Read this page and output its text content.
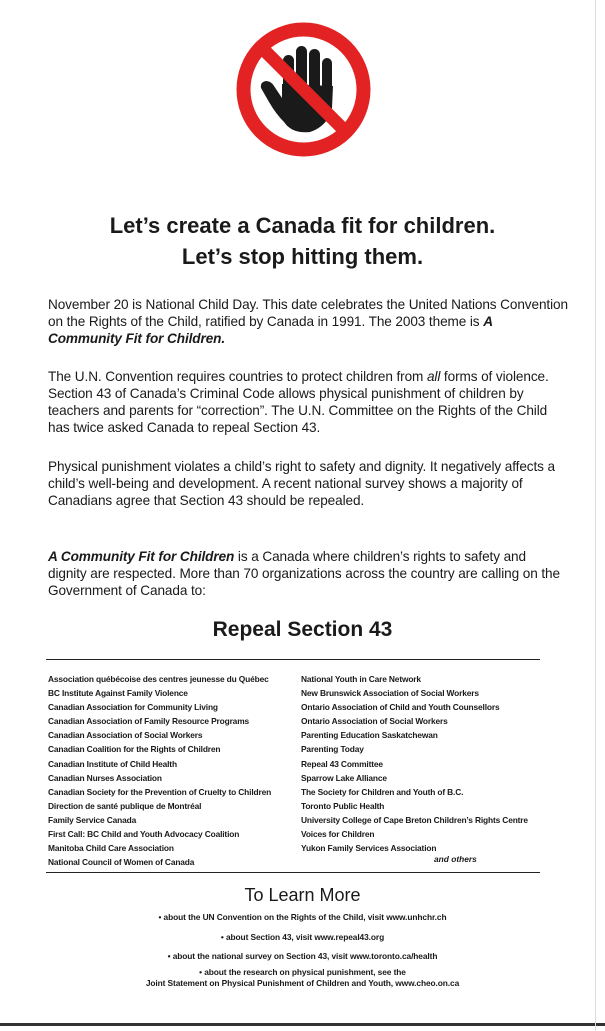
Let’s create a Canada fit for children.
Let’s stop hitting them.
November 20 is National Child Day. This date celebrates the United Nations Convention on the Rights of the Child, ratified by Canada in 1991. The 2003 theme is A Community Fit for Children.
The U.N. Convention requires countries to protect children from all forms of violence. Section 43 of Canada’s Criminal Code allows physical punishment of children by teachers and parents for “correction”. The U.N. Committee on the Rights of the Child has twice asked Canada to repeal Section 43.
Physical punishment violates a child’s right to safety and dignity. It negatively affects a child’s well-being and development. A recent national survey shows a majority of Canadians agree that Section 43 should be repealed.
A Community Fit for Children is a Canada where children’s rights to safety and dignity are respected. More than 70 organizations across the country are calling on the Government of Canada to:
Repeal Section 43
Association québécoise des centres jeunesse du Québec
BC Institute Against Family Violence
Canadian Association for Community Living
Canadian Association of Family Resource Programs
Canadian Association of Social Workers
Canadian Coalition for the Rights of Children
Canadian Institute of Child Health
Canadian Nurses Association
Canadian Society for the Prevention of Cruelty to Children
Direction de santé publique de Montréal
Family Service Canada
First Call: BC Child and Youth Advocacy Coalition
Manitoba Child Care Association
National Council of Women of Canada
National Youth in Care Network
New Brunswick Association of Social Workers
Ontario Association of Child and Youth Counsellors
Ontario Association of Social Workers
Parenting Education Saskatchewan
Parenting Today
Repeal 43 Committee
Sparrow Lake Alliance
The Society for Children and Youth of B.C.
Toronto Public Health
University College of Cape Breton Children’s Rights Centre
Voices for Children
Yukon Family Services Association
and others
To Learn More
• about the UN Convention on the Rights of the Child, visit www.unhchr.ch
• about Section 43, visit www.repeal43.org
• about the national survey on Section 43, visit www.toronto.ca/health
• about the research on physical punishment, see the
Joint Statement on Physical Punishment of Children and Youth, www.cheo.on.ca
